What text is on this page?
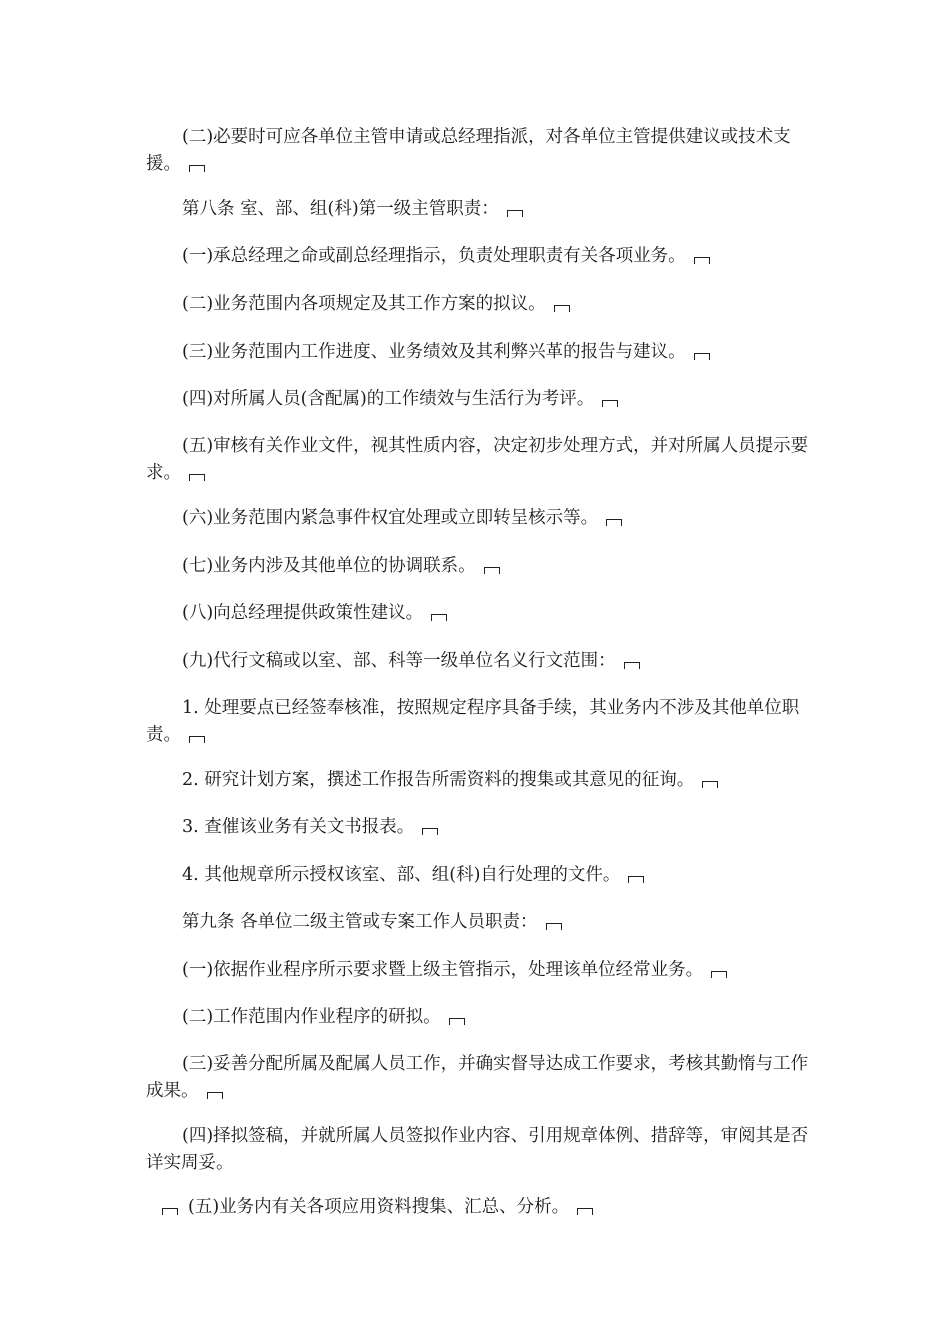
(二)必要时可应各单位主管申请或总经理指派，对各单位主管提供建议或技术支援。

第八条 室、部、组(科)第一级主管职责：

(一)承总经理之命或副总经理指示，负责处理职责有关各项业务。

(二)业务范围内各项规定及其工作方案的拟议。

(三)业务范围内工作进度、业务绩效及其利弊兴革的报告与建议。

(四)对所属人员(含配属)的工作绩效与生活行为考评。

(五)审核有关作业文件，视其性质内容，决定初步处理方式，并对所属人员提示要求。

(六)业务范围内紧急事件权宜处理或立即转呈核示等。

(七)业务内涉及其他单位的协调联系。

(八)向总经理提供政策性建议。

(九)代行文稿或以室、部、科等一级单位名义行文范围：

1. 处理要点已经签奉核准，按照规定程序具备手续，其业务内不涉及其他单位职责。

2. 研究计划方案，撰述工作报告所需资料的搜集或其意见的征询。

3. 查催该业务有关文书报表。

4. 其他规章所示授权该室、部、组(科)自行处理的文件。

第九条 各单位二级主管或专案工作人员职责：

(一)依据作业程序所示要求暨上级主管指示，处理该单位经常业务。

(二)工作范围内作业程序的研拟。

(三)妥善分配所属及配属人员工作，并确实督导达成工作要求，考核其勤惰与工作成果。

(四)择拟签稿，并就所属人员签拟作业内容、引用规章体例、措辞等，审阅其是否详实周妥。

(五)业务内有关各项应用资料搜集、汇总、分析。
